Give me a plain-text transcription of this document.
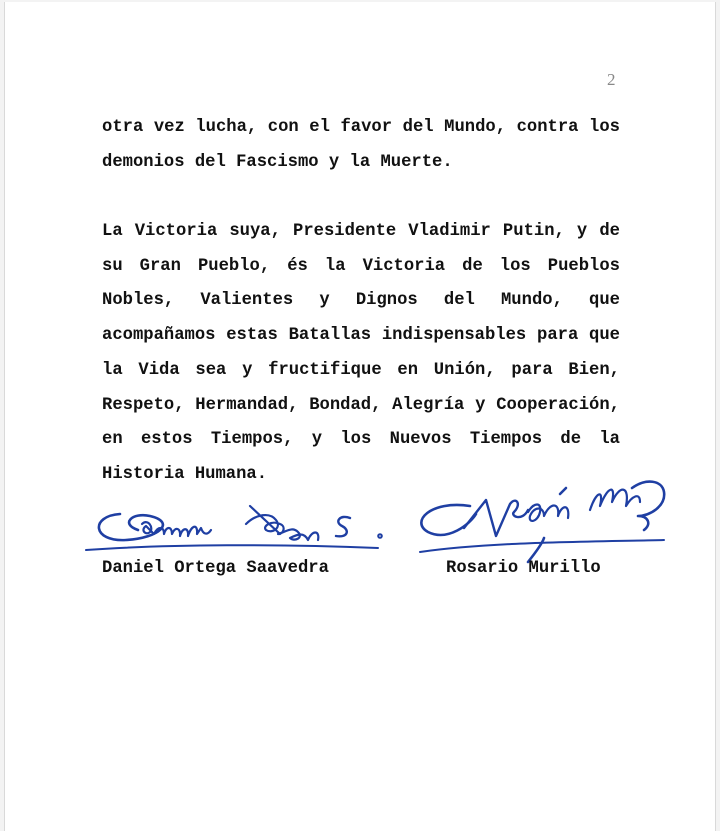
2

otra vez lucha, con el favor del Mundo, contra los demonios del Fascismo y la Muerte.

La Victoria suya, Presidente Vladimir Putin, y de su Gran Pueblo, és la Victoria de los Pueblos Nobles, Valientes y Dignos del Mundo, que acompañamos estas Batallas indispensables para que la Vida sea y fructifique en Unión, para Bien, Respeto, Hermandad, Bondad, Alegría y Cooperación, en estos Tiempos, y los Nuevos Tiempos de la Historia Humana.

Daniel Ortega Saavedra	Rosario Murillo
